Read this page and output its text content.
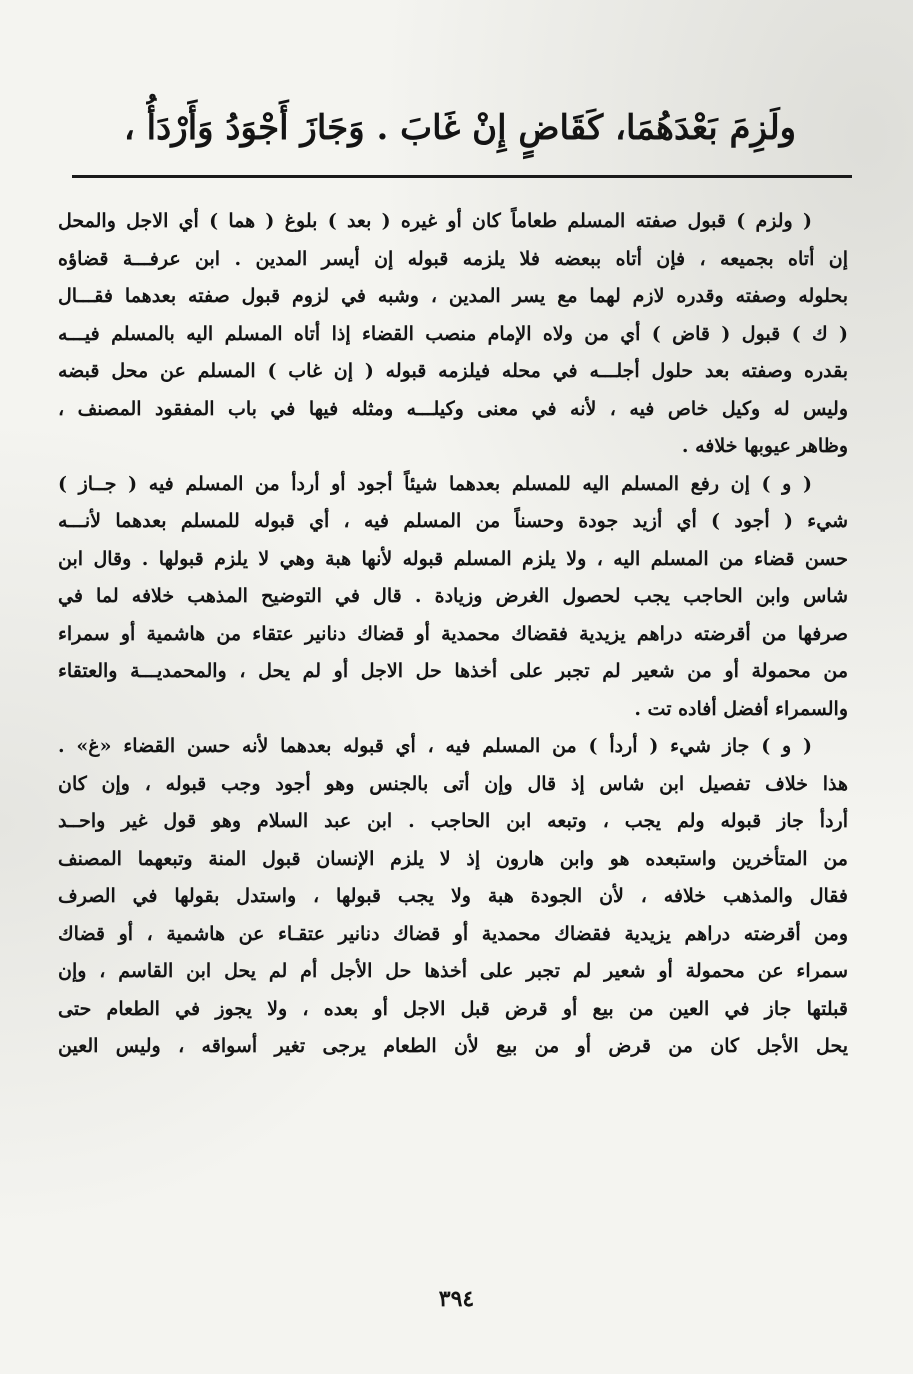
ولَزِمَ بَعْدَهُمَا، كَقَاضٍ إِنْ غَابَ . وَجَازَ أَجْوَدُ وَأَرْدَأُ ،
( ولزم ) قبول صفته المسلم طعاماً كان أو غيره ( بعد ) بلوغ ( هما ) أي الاجل والمحل
إن أتاه بجميعه ، فإن أتاه ببعضه فلا يلزمه قبوله إن أيسر المدين . ابن عرفـــة قضاؤه
بحلوله وصفته وقدره لازم لهما مع يسر المدين ، وشبه في لزوم قبول صفته بعدهما فقـــال
( ك ) قبول ( قاض ) أي من ولاه الإمام منصب القضاء إذا أتاه المسلم اليه بالمسلم فيـــه
بقدره وصفته بعد حلول أجلـــه في محله فيلزمه قبوله ( إن غاب ) المسلم عن محل قبضه
وليس له وكيل خاص فيه ، لأنه في معنى وكيلـــه ومثله فيها في باب المفقود المصنف ،
وظاهر عيوبها خلافه .
( و ) إن رفع المسلم اليه للمسلم بعدهما شيئاً أجود أو أردأ من المسلم فيه ( جــاز )
شيء ( أجود ) أي أزيد جودة وحسناً من المسلم فيه ، أي قبوله للمسلم بعدهما لأنـــه
حسن قضاء من المسلم اليه ، ولا يلزم المسلم قبوله لأنها هبة وهي لا يلزم قبولها . وقال ابن
شاس وابن الحاجب يجب لحصول الغرض وزيادة . قال في التوضيح المذهب خلافه لما في
صرفها من أقرضته دراهم يزيدية فقضاك محمدية أو قضاك دنانير عتقاء من هاشمية أو سمراء
من محمولة أو من شعير لم تجبر على أخذها حل الاجل أو لم يحل ، والمحمديـــة والعتقاء
والسمراء أفضل أفاده تت .
( و ) جاز شيء ( أردأ ) من المسلم فيه ، أي قبوله بعدهما لأنه حسن القضاء «غ» .
هذا خلاف تفصيل ابن شاس إذ قال وإن أتى بالجنس وهو أجود وجب قبوله ، وإن كان
أردأ جاز قبوله ولم يجب ، وتبعه ابن الحاجب . ابن عبد السلام وهو قول غير واحــد
من المتأخرين واستبعده هو وابن هارون إذ لا يلزم الإنسان قبول المنة وتبعهما المصنف
فقال والمذهب خلافه ، لأن الجودة هبة ولا يجب قبولها ، واستدل بقولها في الصرف
ومن أقرضته دراهم يزيدية فقضاك محمدية أو قضاك دنانير عتقـاء عن هاشمية ، أو قضاك
سمراء عن محمولة أو شعير لم تجبر على أخذها حل الأجل أم لم يحل ابن القاسم ، وإن
قبلتها جاز في العين من بيع أو قرض قبل الاجل أو بعده ، ولا يجوز في الطعام حتى
يحل الأجل كان من قرض أو من بيع لأن الطعام يرجى تغير أسواقه ، وليس العين
٣٩٤
